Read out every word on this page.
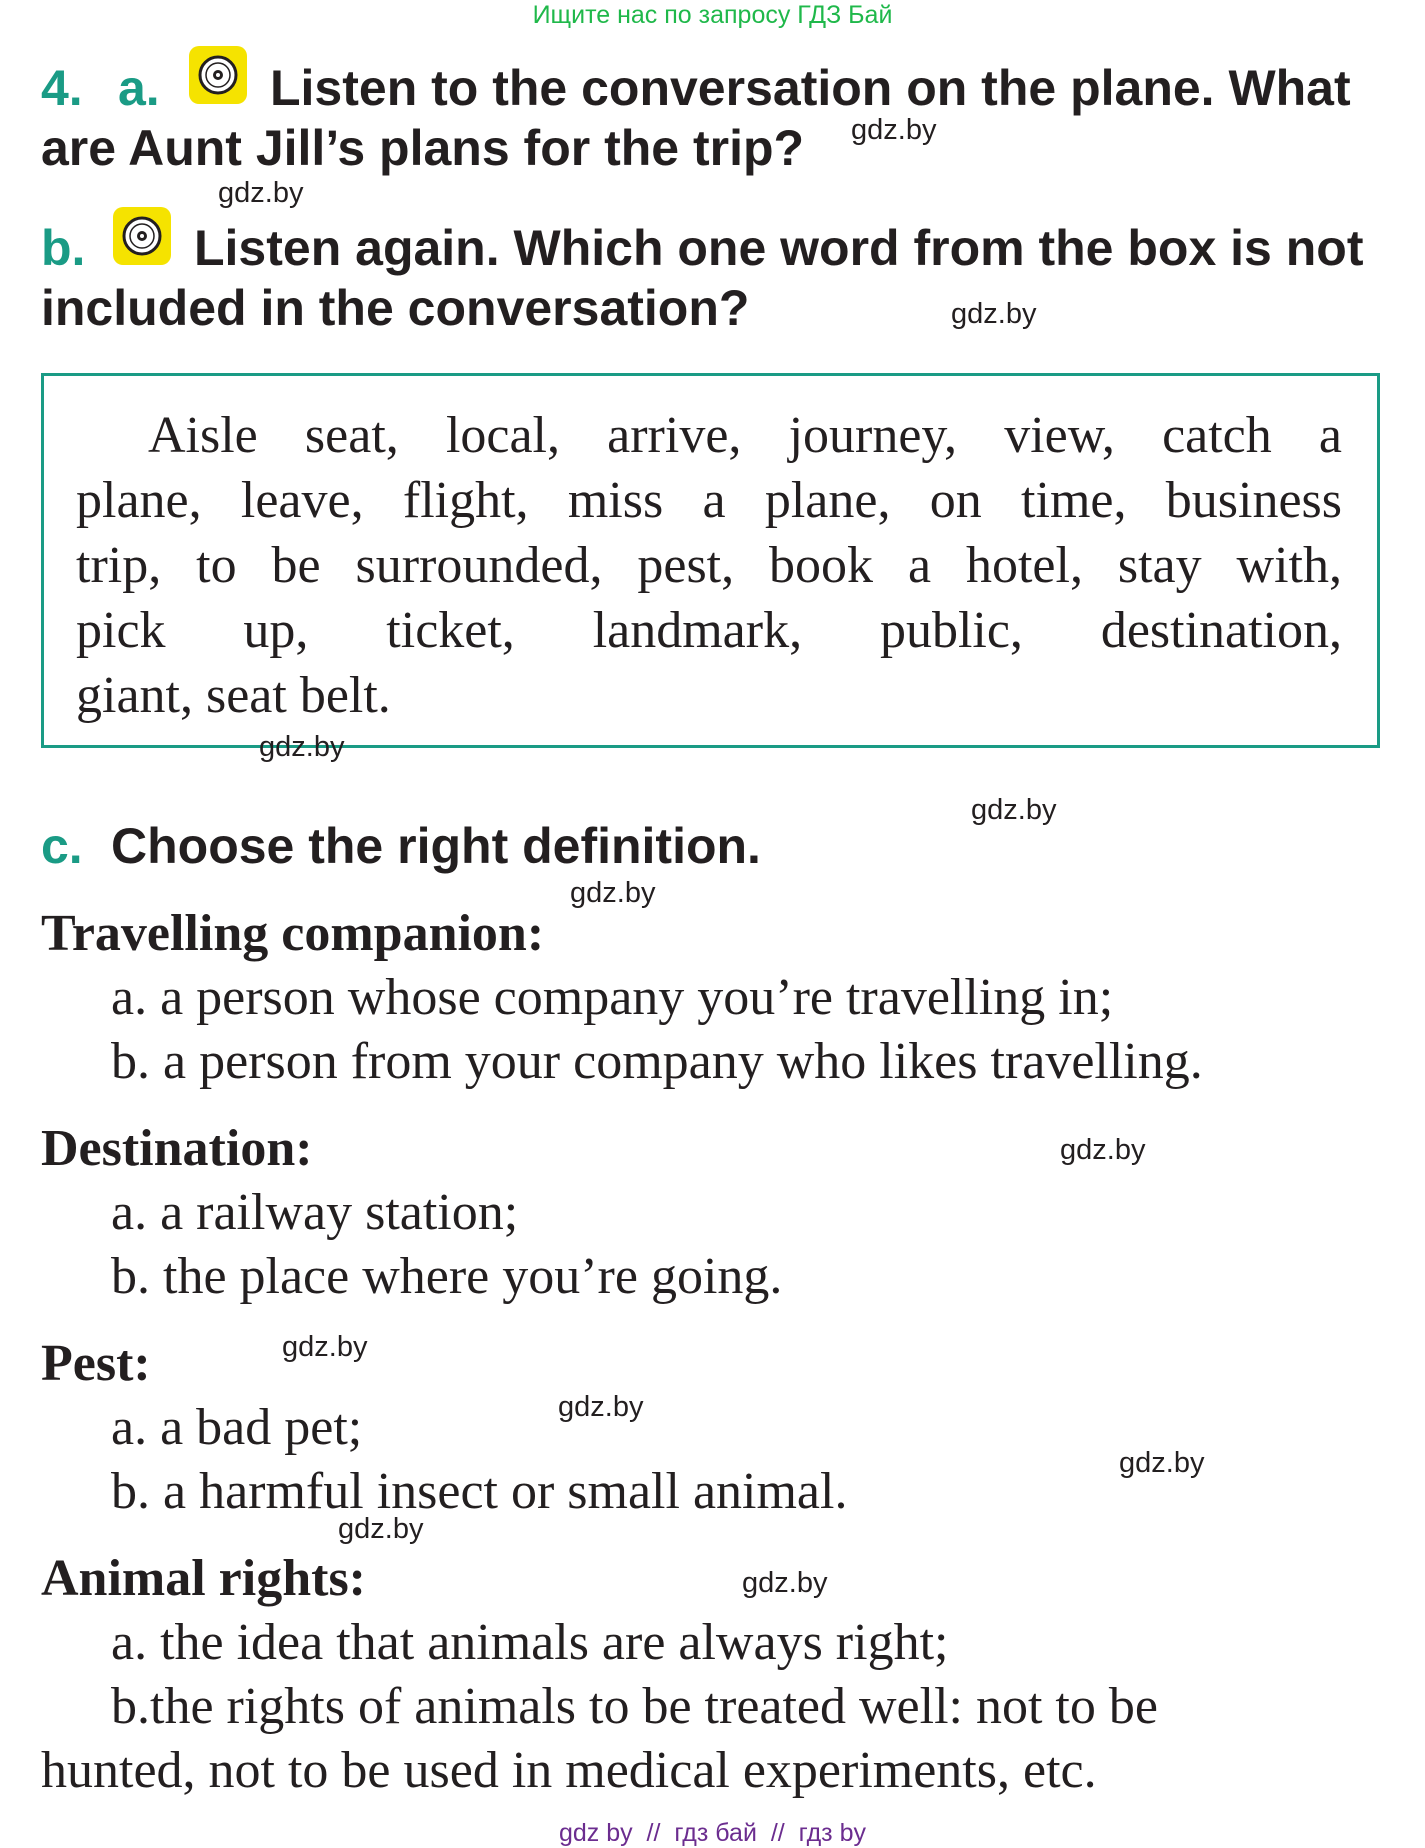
Ищите нас по запросу ГДЗ Бай
4. a. Listen to the conversation on the plane. What
are Aunt Jill’s plans for the trip?
b. Listen again. Which one word from the box is not
included in the conversation?
Aisle seat, local, arrive, journey, view, catch a
plane, leave, flight, miss a plane, on time, business
trip, to be surrounded, pest, book a hotel, stay with,
pick up, ticket, landmark, public, destination,
giant, seat belt.
c. Choose the right definition.
Travelling companion:
a. a person whose company you’re travelling in;
b. a person from your company who likes travelling.
Destination:
a. a railway station;
b. the place where you’re going.
Pest:
a. a bad pet;
b. a harmful insect or small animal.
Animal rights:
a. the idea that animals are always right;
b.the rights of animals to be treated well: not to be
hunted, not to be used in medical experiments, etc.
gdz.by
gdz.by
gdz.by
gdz.by
gdz.by
gdz.by
gdz.by
gdz.by
gdz.by
gdz.by
gdz.by
gdz.by
gdz by  //  гдз бай  //  гдз by
